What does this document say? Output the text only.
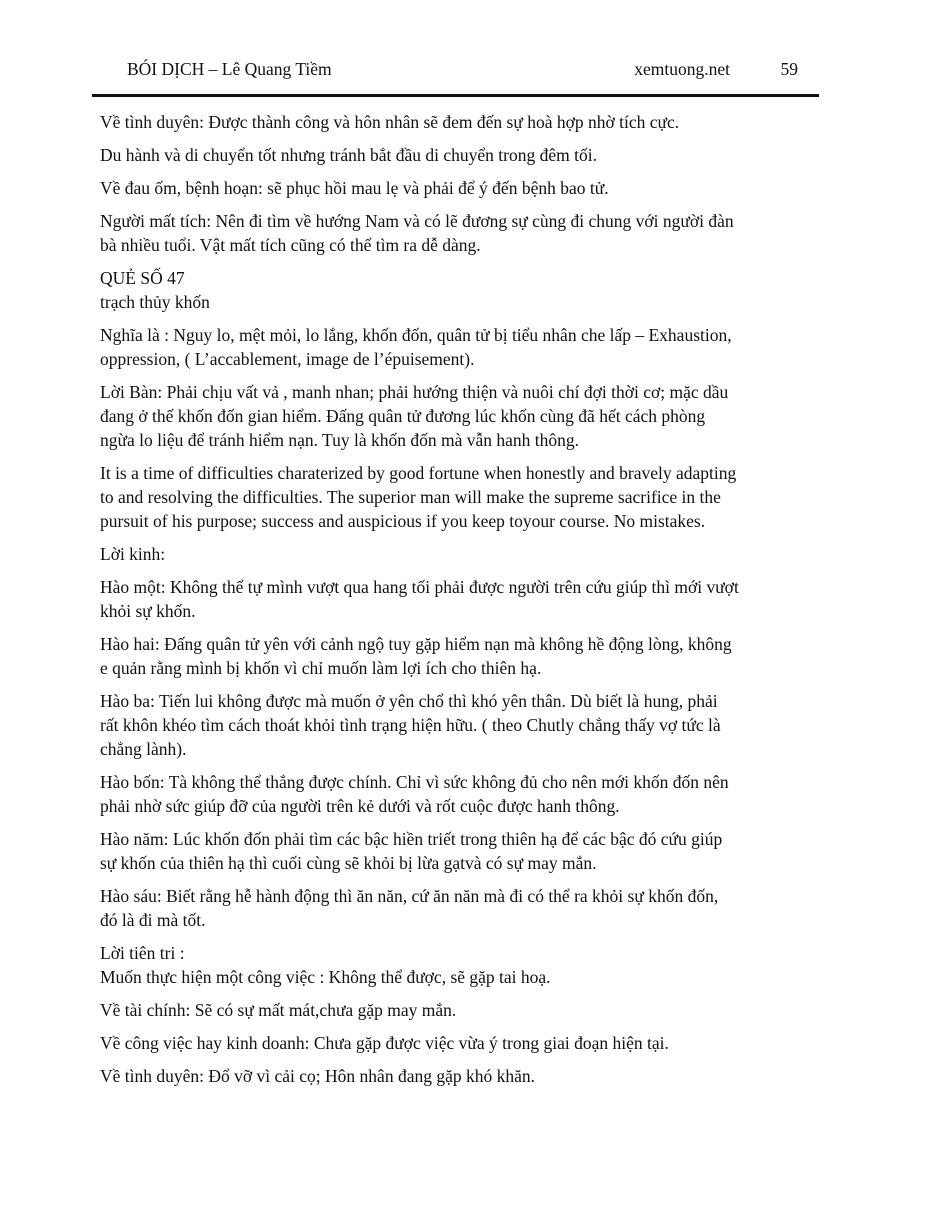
BÓI DỊCH – Lê Quang Tiềm	xemtuong.net	59

Về tình duyên: Được thành công và hôn nhân sẽ đem đến sự hoà hợp nhờ tích cực.

Du hành và di chuyển tốt nhưng tránh bắt đầu di chuyển trong đêm tối.

Về đau ốm, bệnh hoạn: sẽ phục hồi mau lẹ và phải để ý đến bệnh bao tử.

Người mất tích: Nên đi tìm về hướng Nam và có lẽ đương sự cùng đi chung với người đàn
bà nhiều tuổi. Vật mất tích cũng có thể tìm ra dễ dàng.

QUẺ SỐ 47
trạch thủy khốn

Nghĩa là : Nguy lo, mệt mỏi, lo lắng, khốn đốn, quân tử bị tiểu nhân che lấp – Exhaustion,
oppression, ( L’accablement, image de l’épuisement).

Lời Bàn: Phải chịu vất vả , manh nhan; phải hướng thiện và nuôi chí đợi thời cơ; mặc dầu
đang ở thế khốn đốn gian hiểm. Đấng quân tử đương lúc khốn cùng đã hết cách phòng
ngừa lo liệu để tránh hiểm nạn. Tuy là khốn đốn mà vẫn hanh thông.

It is a time of difficulties charaterized by good fortune when honestly and bravely adapting
to and resolving the difficulties. The superior man will make the supreme sacrifice in the
pursuit of his purpose; success and auspicious if you keep toyour course. No mistakes.

Lời kinh:

Hào một: Không thể tự mình vượt qua hang tối phải được người trên cứu giúp thì mới vượt
khỏi sự khốn.

Hào hai: Đấng quân tử yên với cảnh ngộ tuy gặp hiểm nạn mà không hề động lòng, không
e quản rằng mình bị khốn vì chỉ muốn làm lợi ích cho thiên hạ.

Hào ba: Tiến lui không được mà muốn ở yên chổ thì khó yên thân. Dù biết là hung, phải
rất khôn khéo tìm cách thoát khỏi tình trạng hiện hữu. ( theo Chutly chẳng thấy vợ tức là
chẳng lành).

Hào bốn: Tà không thể thắng được chính. Chỉ vì sức không đủ cho nên mới khốn đốn nên
phải nhờ sức giúp đỡ của người trên kẻ dưới và rốt cuộc được hanh thông.

Hào năm: Lúc khốn đốn phải tìm các bậc hiền triết trong thiên hạ để các bậc đó cứu giúp
sự khốn của thiên hạ thì cuối cùng sẽ khỏi bị lừa gạtvà có sự may mắn.

Hào sáu: Biết rằng hễ hành động thì ăn năn, cứ ăn năn mà đi có thể ra khỏi sự khốn đốn,
đó là đi mà tốt.

Lời tiên tri :
Muốn thực hiện một công việc : Không thể được, sẽ gặp tai hoạ.

Về tài chính: Sẽ có sự mất mát,chưa gặp may mắn.

Về công việc hay kinh doanh: Chưa gặp được việc vừa ý trong giai đoạn hiện tại.

Về tình duyên: Đổ vỡ vì cải cọ; Hôn nhân đang gặp khó khăn.
